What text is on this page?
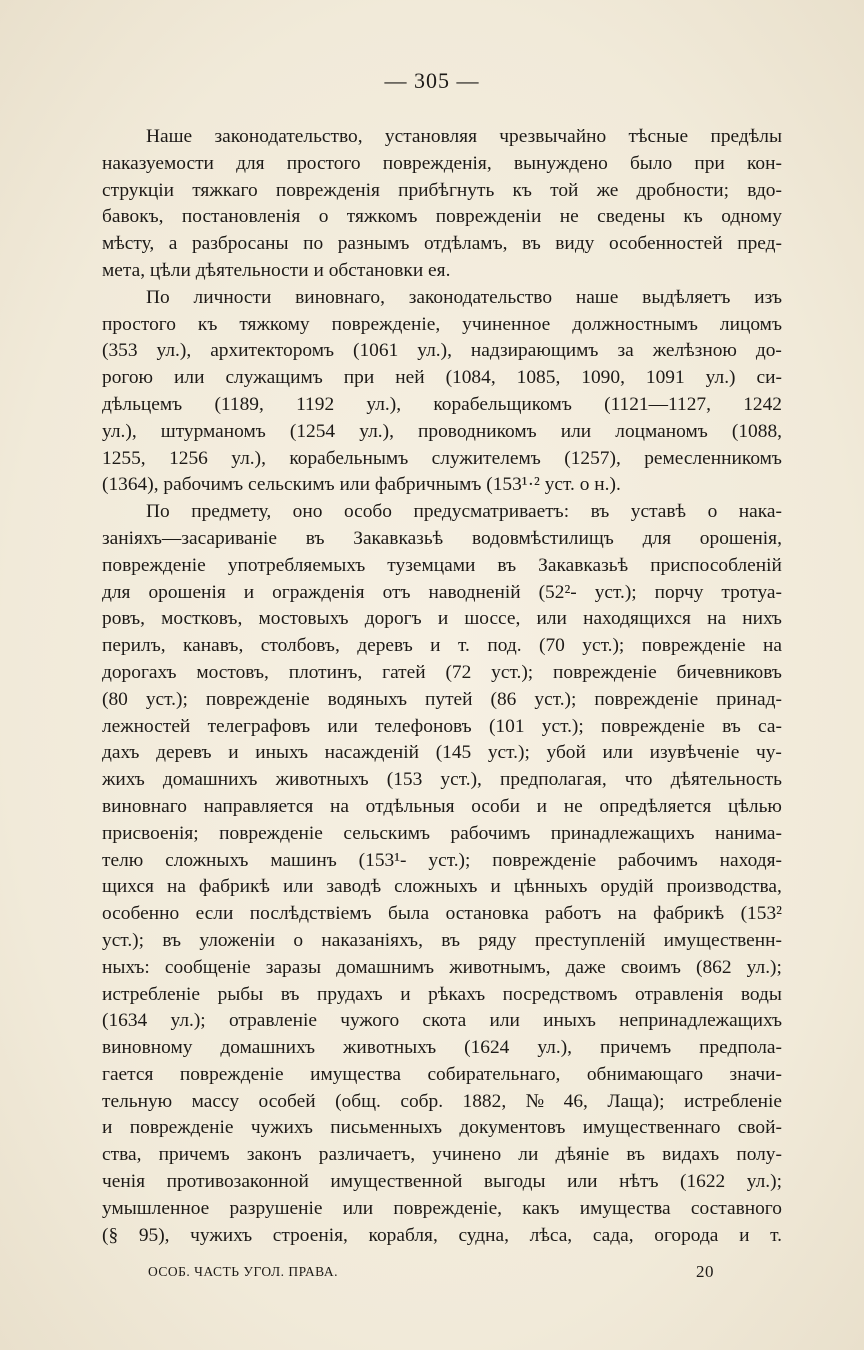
— 305 —
Наше законодательство, установляя чрезвычайно тѣсные предѣлы
наказуемости для простого поврежденія, вынуждено было при кон-
струкціи тяжкаго поврежденія прибѣгнуть къ той же дробности; вдо-
бавокъ, постановленія о тяжкомъ поврежденіи не сведены къ одному
мѣсту, а разбросаны по разнымъ отдѣламъ, въ виду особенностей пред-
мета, цѣли дѣятельности и обстановки ея.
По личности виновнаго, законодательство наше выдѣляетъ изъ
простого къ тяжкому поврежденіе, учиненное должностнымъ лицомъ
(353 ул.), архитекторомъ (1061 ул.), надзирающимъ за желѣзною до-
рогою или служащимъ при ней (1084, 1085, 1090, 1091 ул.) си-
дѣльцемъ (1189, 1192 ул.), корабельщикомъ (1121—1127, 1242
ул.), штурманомъ (1254 ул.), проводникомъ или лоцманомъ (1088,
1255, 1256 ул.), корабельнымъ служителемъ (1257), ремесленникомъ
(1364), рабочимъ сельскимъ или фабричнымъ (153¹·² уст. о н.).
По предмету, оно особо предусматриваетъ: въ уставѣ о нака-
заніяхъ—засариваніе въ Закавказьѣ водовмѣстилищъ для орошенія,
поврежденіе употребляемыхъ туземцами въ Закавказьѣ приспособленій
для орошенія и огражденія отъ наводненій (52²- уст.); порчу тротуа-
ровъ, мостковъ, мостовыхъ дорогъ и шоссе, или находящихся на нихъ
перилъ, канавъ, столбовъ, деревъ и т. под. (70 уст.); поврежденіе на
дорогахъ мостовъ, плотинъ, гатей (72 уст.); поврежденіе бичевниковъ
(80 уст.); поврежденіе водяныхъ путей (86 уст.); поврежденіе принад-
лежностей телеграфовъ или телефоновъ (101 уст.); поврежденіе въ са-
дахъ деревъ и иныхъ насажденій (145 уст.); убой или изувѣченіе чу-
жихъ домашнихъ животныхъ (153 уст.), предполагая, что дѣятельность
виновнаго направляется на отдѣльныя особи и не опредѣляется цѣлью
присвоенія; поврежденіе сельскимъ рабочимъ принадлежащихъ нанима-
телю сложныхъ машинъ (153¹- уст.); поврежденіе рабочимъ находя-
щихся на фабрикѣ или заводѣ сложныхъ и цѣнныхъ орудій производства,
особенно если послѣдствіемъ была остановка работъ на фабрикѣ (153²
уст.); въ уложеніи о наказаніяхъ, въ ряду преступленій имущественн-
ныхъ: сообщеніе заразы домашнимъ животнымъ, даже своимъ (862 ул.);
истребленіе рыбы въ прудахъ и рѣкахъ посредствомъ отравленія воды
(1634 ул.); отравленіе чужого скота или иныхъ непринадлежащихъ
виновному домашнихъ животныхъ (1624 ул.), причемъ предпола-
гается поврежденіе имущества собирательнаго, обнимающаго значи-
тельную массу особей (общ. собр. 1882, № 46, Лаща); истребленіе
и поврежденіе чужихъ письменныхъ документовъ имущественнаго свой-
ства, причемъ законъ различаетъ, учинено ли дѣяніе въ видахъ полу-
ченія противозаконной имущественной выгоды или нѣтъ (1622 ул.);
умышленное разрушеніе или поврежденіе, какъ имущества составного
(§ 95), чужихъ строенія, корабля, судна, лѣса, сада, огорода и т.
ОСОБ. ЧАСТЬ УГОЛ. ПРАВА.	20
